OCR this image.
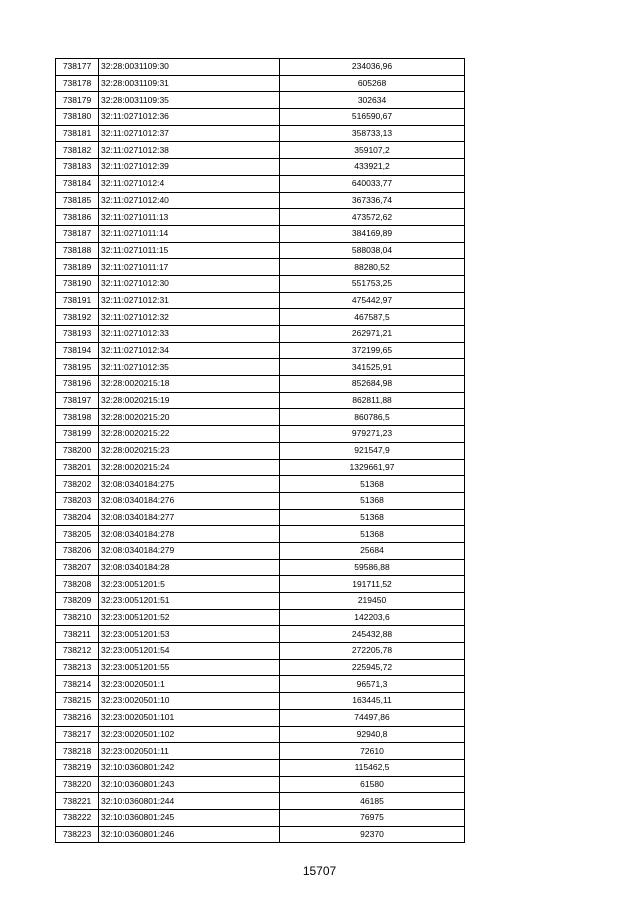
738177	32:28:0031109:30	234036,96
738178	32:28:0031109:31	605268
738179	32:28:0031109:35	302634
738180	32:11:0271012:36	516590,67
738181	32:11:0271012:37	358733,13
738182	32:11:0271012:38	359107,2
738183	32:11:0271012:39	433921,2
738184	32:11:0271012:4	640033,77
738185	32:11:0271012:40	367336,74
738186	32:11:0271011:13	473572,62
738187	32:11:0271011:14	384169,89
738188	32:11:0271011:15	588038,04
738189	32:11:0271011:17	88280,52
738190	32:11:0271012:30	551753,25
738191	32:11:0271012:31	475442,97
738192	32:11:0271012:32	467587,5
738193	32:11:0271012:33	262971,21
738194	32:11:0271012:34	372199,65
738195	32:11:0271012:35	341525,91
738196	32:28:0020215:18	852684,98
738197	32:28:0020215:19	862811,88
738198	32:28:0020215:20	860786,5
738199	32:28:0020215:22	979271,23
738200	32:28:0020215:23	921547,9
738201	32:28:0020215:24	1329661,97
738202	32:08:0340184:275	51368
738203	32:08:0340184:276	51368
738204	32:08:0340184:277	51368
738205	32:08:0340184:278	51368
738206	32:08:0340184:279	25684
738207	32:08:0340184:28	59586,88
738208	32:23:0051201:5	191711,52
738209	32:23:0051201:51	219450
738210	32:23:0051201:52	142203,6
738211	32:23:0051201:53	245432,88
738212	32:23:0051201:54	272205,78
738213	32:23:0051201:55	225945,72
738214	32:23:0020501:1	96571,3
738215	32:23:0020501:10	163445,11
738216	32:23:0020501:101	74497,86
738217	32:23:0020501:102	92940,8
738218	32:23:0020501:11	72610
738219	32:10:0360801:242	115462,5
738220	32:10:0360801:243	61580
738221	32:10:0360801:244	46185
738222	32:10:0360801:245	76975
738223	32:10:0360801:246	92370
15707
